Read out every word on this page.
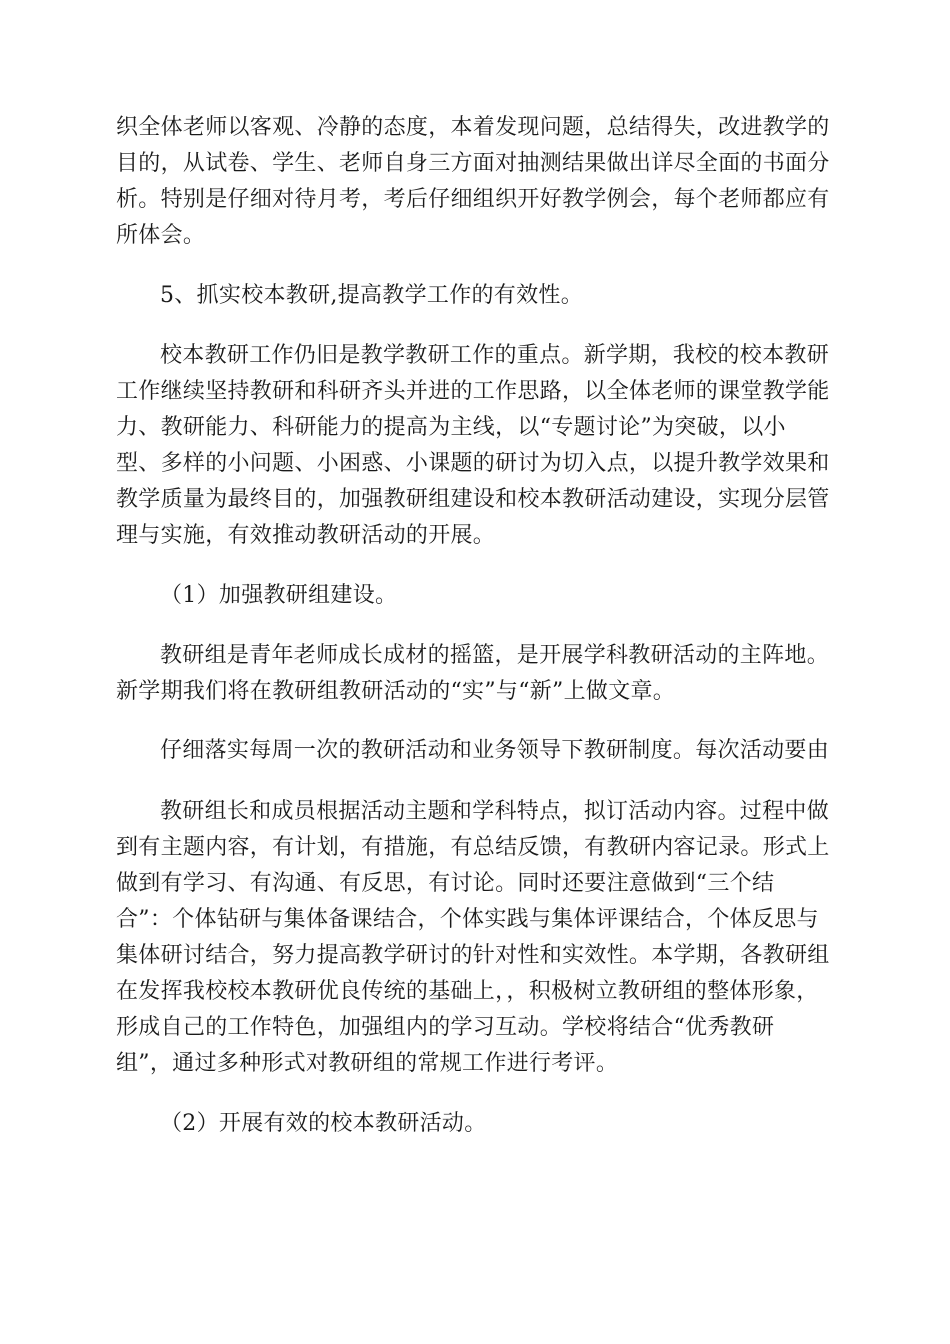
织全体老师以客观、冷静的态度，本着发现问题，总结得失，改进教学的
目的，从试卷、学生、老师自身三方面对抽测结果做出详尽全面的书面分
析。特别是仔细对待月考，考后仔细组织开好教学例会，每个老师都应有
所体会。
5、抓实校本教研,提高教学工作的有效性。
校本教研工作仍旧是教学教研工作的重点。新学期，我校的校本教研
工作继续坚持教研和科研齐头并进的工作思路，以全体老师的课堂教学能
力、教研能力、科研能力的提高为主线，以“专题讨论”为突破，以小
型、多样的小问题、小困惑、小课题的研讨为切入点，以提升教学效果和
教学质量为最终目的，加强教研组建设和校本教研活动建设，实现分层管
理与实施，有效推动教研活动的开展。
（1）加强教研组建设。
教研组是青年老师成长成材的摇篮，是开展学科教研活动的主阵地。
新学期我们将在教研组教研活动的“实”与“新”上做文章。
仔细落实每周一次的教研活动和业务领导下教研制度。每次活动要由
教研组长和成员根据活动主题和学科特点，拟订活动内容。过程中做
到有主题内容，有计划，有措施，有总结反馈，有教研内容记录。形式上
做到有学习、有沟通、有反思，有讨论。同时还要注意做到“三个结
合”：个体钻研与集体备课结合，个体实践与集体评课结合，个体反思与
集体研讨结合，努力提高教学研讨的针对性和实效性。本学期，各教研组
在发挥我校校本教研优良传统的基础上，，积极树立教研组的整体形象，
形成自己的工作特色，加强组内的学习互动。学校将结合“优秀教研
组”，通过多种形式对教研组的常规工作进行考评。
（2）开展有效的校本教研活动。
